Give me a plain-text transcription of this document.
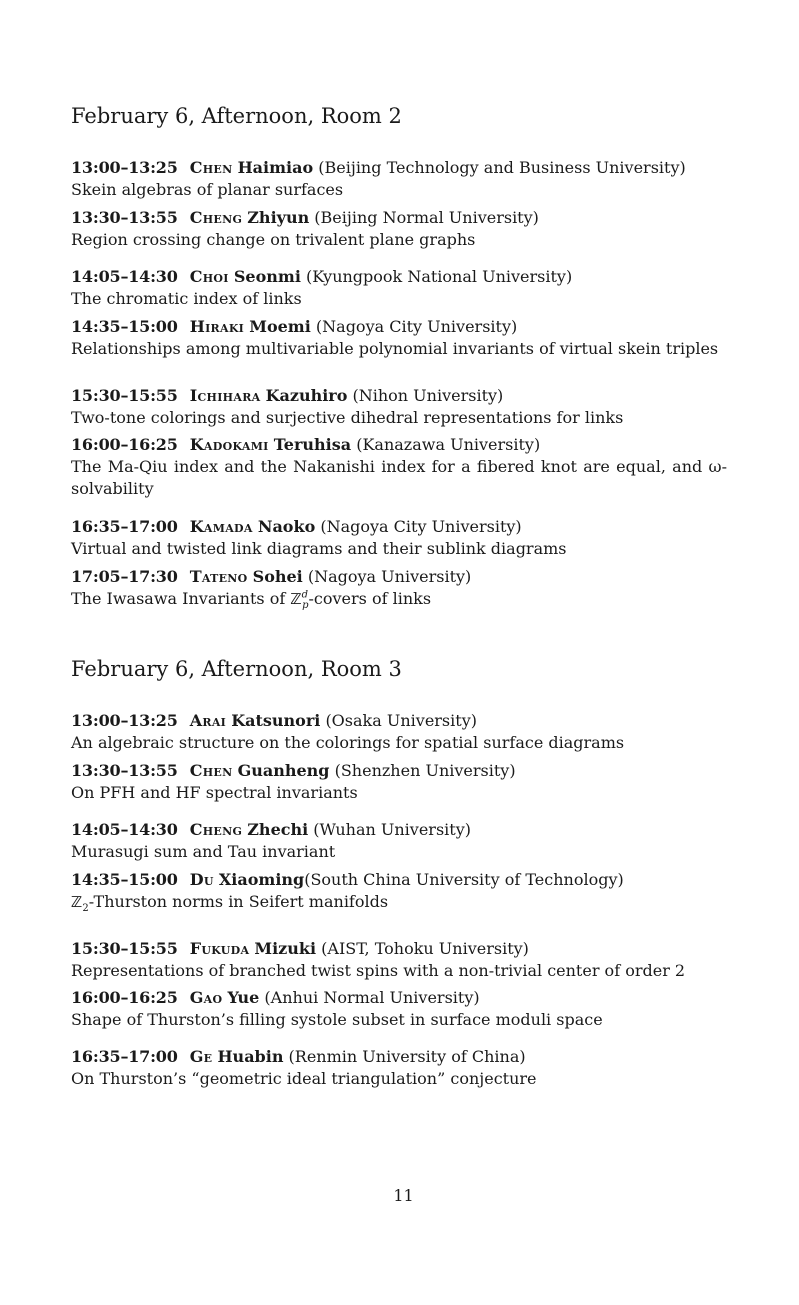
February 6, Afternoon, Room 2
13:00–13:25 Chen Haimiao (Beijing Technology and Business University)
Skein algebras of planar surfaces
13:30–13:55 Cheng Zhiyun (Beijing Normal University)
Region crossing change on trivalent plane graphs
14:05–14:30 Choi Seonmi (Kyungpook National University)
The chromatic index of links
14:35–15:00 Hiraki Moemi (Nagoya City University)
Relationships among multivariable polynomial invariants of virtual skein triples
15:30–15:55 Ichihara Kazuhiro (Nihon University)
Two-tone colorings and surjective dihedral representations for links
16:00–16:25 Kadokami Teruhisa (Kanazawa University)
The Ma-Qiu index and the Nakanishi index for a fibered knot are equal, and ω-solvability
16:35–17:00 Kamada Naoko (Nagoya City University)
Virtual and twisted link diagrams and their sublink diagrams
17:05–17:30 Tateno Sohei (Nagoya University)
The Iwasawa Invariants of ℤ$^d_p$-covers of links
February 6, Afternoon, Room 3
13:00–13:25 Arai Katsunori (Osaka University)
An algebraic structure on the colorings for spatial surface diagrams
13:30–13:55 Chen Guanheng (Shenzhen University)
On PFH and HF spectral invariants
14:05–14:30 Cheng Zhechi (Wuhan University)
Murasugi sum and Tau invariant
14:35–15:00 Du Xiaoming(South China University of Technology)
ℤ$_2$-Thurston norms in Seifert manifolds
15:30–15:55 Fukuda Mizuki (AIST, Tohoku University)
Representations of branched twist spins with a non-trivial center of order 2
16:00–16:25 Gao Yue (Anhui Normal University)
Shape of Thurston’s filling systole subset in surface moduli space
16:35–17:00 Ge Huabin (Renmin University of China)
On Thurston’s “geometric ideal triangulation” conjecture
11
